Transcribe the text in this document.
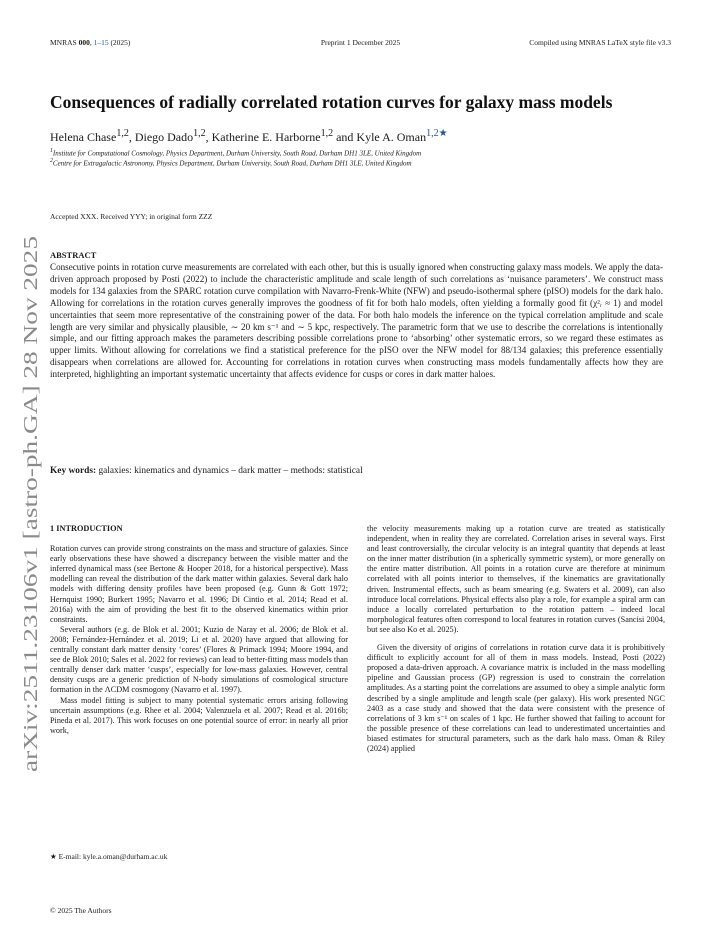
MNRAS 000, 1–15 (2025)	Preprint 1 December 2025	Compiled using MNRAS LaTeX style file v3.3
arXiv:2511.23106v1 [astro-ph.GA] 28 Nov 2025
Consequences of radially correlated rotation curves for galaxy mass models
Helena Chase$^{1,2}$, Diego Dado$^{1,2}$, Katherine E. Harborne$^{1,2}$ and Kyle A. Oman$^{1,2★}$
$^1$Institute for Computational Cosmology, Physics Department, Durham University, South Road, Durham DH1 3LE, United Kingdom
$^2$Centre for Extragalactic Astronomy, Physics Department, Durham University, South Road, Durham DH1 3LE, United Kingdom
Accepted XXX. Received YYY; in original form ZZZ
ABSTRACT
Consecutive points in rotation curve measurements are correlated with each other, but this is usually ignored when constructing galaxy mass models. We apply the data-driven approach proposed by Posti (2022) to include the characteristic amplitude and scale length of such correlations as ‘nuisance parameters’. We construct mass models for 134 galaxies from the SPARC rotation curve compilation with Navarro-Frenk-White (NFW) and pseudo-isothermal sphere (pISO) models for the dark halo. Allowing for correlations in the rotation curves generally improves the goodness of fit for both halo models, often yielding a formally good fit (χ²ᵣ ≈ 1) and model uncertainties that seem more representative of the constraining power of the data. For both halo models the inference on the typical correlation amplitude and scale length are very similar and physically plausible, ∼ 20 km s⁻¹ and ∼ 5 kpc, respectively. The parametric form that we use to describe the correlations is intentionally simple, and our fitting approach makes the parameters describing possible correlations prone to ‘absorbing’ other systematic errors, so we regard these estimates as upper limits. Without allowing for correlations we find a statistical preference for the pISO over the NFW model for 88/134 galaxies; this preference essentially disappears when correlations are allowed for. Accounting for correlations in rotation curves when constructing mass models fundamentally affects how they are interpreted, highlighting an important systematic uncertainty that affects evidence for cusps or cores in dark matter haloes.
Key words: galaxies: kinematics and dynamics – dark matter – methods: statistical
1 INTRODUCTION

Rotation curves can provide strong constraints on the mass and structure of galaxies. Since early observations these have showed a discrepancy between the visible matter and the inferred dynamical mass (see Bertone & Hooper 2018, for a historical perspective). Mass modelling can reveal the distribution of the dark matter within galaxies. Several dark halo models with differing density profiles have been proposed (e.g. Gunn & Gott 1972; Hernquist 1990; Burkert 1995; Navarro et al. 1996; Di Cintio et al. 2014; Read et al. 2016a) with the aim of providing the best fit to the observed kinematics within prior constraints.

Several authors (e.g. de Blok et al. 2001; Kuzio de Naray et al. 2006; de Blok et al. 2008; Fernández-Hernández et al. 2019; Li et al. 2020) have argued that allowing for centrally constant dark matter density ‘cores’ (Flores & Primack 1994; Moore 1994, and see de Blok 2010; Sales et al. 2022 for reviews) can lead to better-fitting mass models than centrally denser dark matter ‘cusps’, especially for low-mass galaxies. However, central density cusps are a generic prediction of N-body simulations of cosmological structure formation in the ΛCDM cosmogony (Navarro et al. 1997).

Mass model fitting is subject to many potential systematic errors arising following uncertain assumptions (e.g. Rhee et al. 2004; Valenzuela et al. 2007; Read et al. 2016b; Pineda et al. 2017). This work focuses on one potential source of error: in nearly all prior work,

the velocity measurements making up a rotation curve are treated as statistically independent, when in reality they are correlated. Correlation arises in several ways. First and least controversially, the circular velocity is an integral quantity that depends at least on the inner matter distribution (in a spherically symmetric system), or more generally on the entire matter distribution. All points in a rotation curve are therefore at minimum correlated with all points interior to themselves, if the kinematics are gravitationally driven. Instrumental effects, such as beam smearing (e.g. Swaters et al. 2009), can also introduce local correlations. Physical effects also play a role, for example a spiral arm can induce a locally correlated perturbation to the rotation pattern – indeed local morphological features often correspond to local features in rotation curves (Sancisi 2004, but see also Ko et al. 2025).

Given the diversity of origins of correlations in rotation curve data it is prohibitively difficult to explicitly account for all of them in mass models. Instead, Posti (2022) proposed a data-driven approach. A covariance matrix is included in the mass modelling pipeline and Gaussian process (GP) regression is used to constrain the correlation amplitudes. As a starting point the correlations are assumed to obey a simple analytic form described by a single amplitude and length scale (per galaxy). His work presented NGC 2403 as a case study and showed that the data were consistent with the presence of correlations of 3 km s⁻¹ on scales of 1 kpc. He further showed that failing to account for the possible presence of these correlations can lead to underestimated uncertainties and biased estimates for structural parameters, such as the dark halo mass. Oman & Riley (2024) applied

★ E-mail: kyle.a.oman@durham.ac.uk
© 2025 The Authors
